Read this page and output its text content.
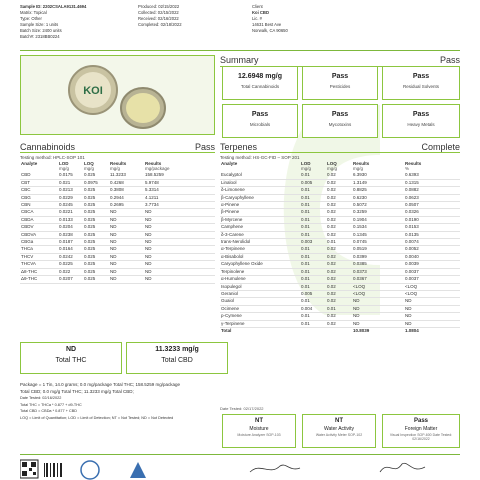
Sample ID: 2202CSALA9131.4694
Matrix: Topical
Type: Other
Sample Size: 1 units
Batch Size: 2400 units
Batch#: 2318BB0224
Produced: 02/15/2022
Collected: 02/15/2022
Received: 02/16/2022
Completed: 02/18/2022
Client
Koi CBD
Lic. #
14631 Best Ave
Norwalk, CA 90650
KOI
Summary	Pass
12.6948 mg/g
Total Cannabinoids
Pass
Pesticides
Pass
Residual Solvents
Pass
Microbials
Pass
Mycotoxins
Pass
Heavy Metals
Cannabinoids	Pass
Testing method: HPLC-SOP 101
Analyte	LOD	LOQ	Results	Results
	mg/g	mg/g	mg/g	mg/package
CBD	0.0175	0.025	11.3233	158.5259
CBT	0.021	0.0975	0.4268	5.9748
CBC	0.0213	0.025	0.3808	5.3314
CBG	0.0229	0.025	0.2944	4.1211
CBN	0.0245	0.025	0.2695	3.7734
CBCA	0.0221	0.025	ND	ND
CBDA	0.0133	0.025	ND	ND
CBDV	0.0204	0.025	ND	ND
CBDVA	0.0238	0.025	ND	ND
CBGa	0.0187	0.025	ND	ND
THCa	0.0164	0.025	ND	ND
THCV	0.0242	0.025	ND	ND
THCVA	0.0225	0.025	ND	ND
Δ8-THC	0.022	0.025	ND	ND
Δ9-THC	0.0207	0.025	ND	ND
ND
Total THC
11.3233 mg/g
Total CBD
Package = 1 Tin, 14.0 grams; 0.0 mg/package Total THC; 158.5259 mg/package
Total CBD; 0.0 mg/g Total THC; 11.3233 mg/g Total CBD;
Date Tested: 02/16/2022
Total THC = THCa * 0.877 + d9-THC
Total CBD = CBDa * 0.877 + CBD
LOQ = Limit of Quantitation; LOD = Limit of Detection; NT = Not Tested; ND = Not Detected
Terpenes	Complete
Testing method: HS-GC-FID – SOP 201
Analyte	LOD	LOQ	Results	Results
	mg/g	mg/g	mg/g	%
Eucalyptol	0.01	0.02	6.3930	0.6393
Linalool	0.005	0.02	1.3149	0.1315
δ-Limonene	0.01	0.02	0.8825	0.0882
β-Caryophyllene	0.01	0.02	0.6230	0.0623
α-Pinene	0.01	0.02	0.5072	0.0507
β-Pinene	0.01	0.02	0.3259	0.0326
β-Myrcene	0.01	0.02	0.1904	0.0190
Camphene	0.01	0.02	0.1534	0.0153
δ-3-Carene	0.01	0.02	0.1345	0.0135
trans-Nerolidol	0.003	0.01	0.0745	0.0074
α-Terpinene	0.01	0.02	0.0519	0.0052
α-Bisabolol	0.01	0.02	0.0399	0.0040
Caryophyllene Oxide	0.01	0.02	0.0385	0.0039
Terpinolene	0.01	0.02	0.0373	0.0037
α-Humulene	0.01	0.02	0.0367	0.0037
Isopulegol	0.01	0.02	<LOQ	<LOQ
Geraniol	0.005	0.02	<LOQ	<LOQ
Guaiol	0.01	0.02	ND	ND
Ocimene	0.004	0.01	ND	ND
p-Cymene	0.01	0.02	ND	ND
γ-Terpinene	0.01	0.02	ND	ND
Total			10.8039	1.0804
Date Tested: 02/17/2022
NT
Moisture
Moisture Analyzer SOP-103
NT
Water Activity
Water Activity Meter SOP-102
Pass
Foreign Matter
Visual Inspection SOP-600 Date Tested: 02/16/2022
